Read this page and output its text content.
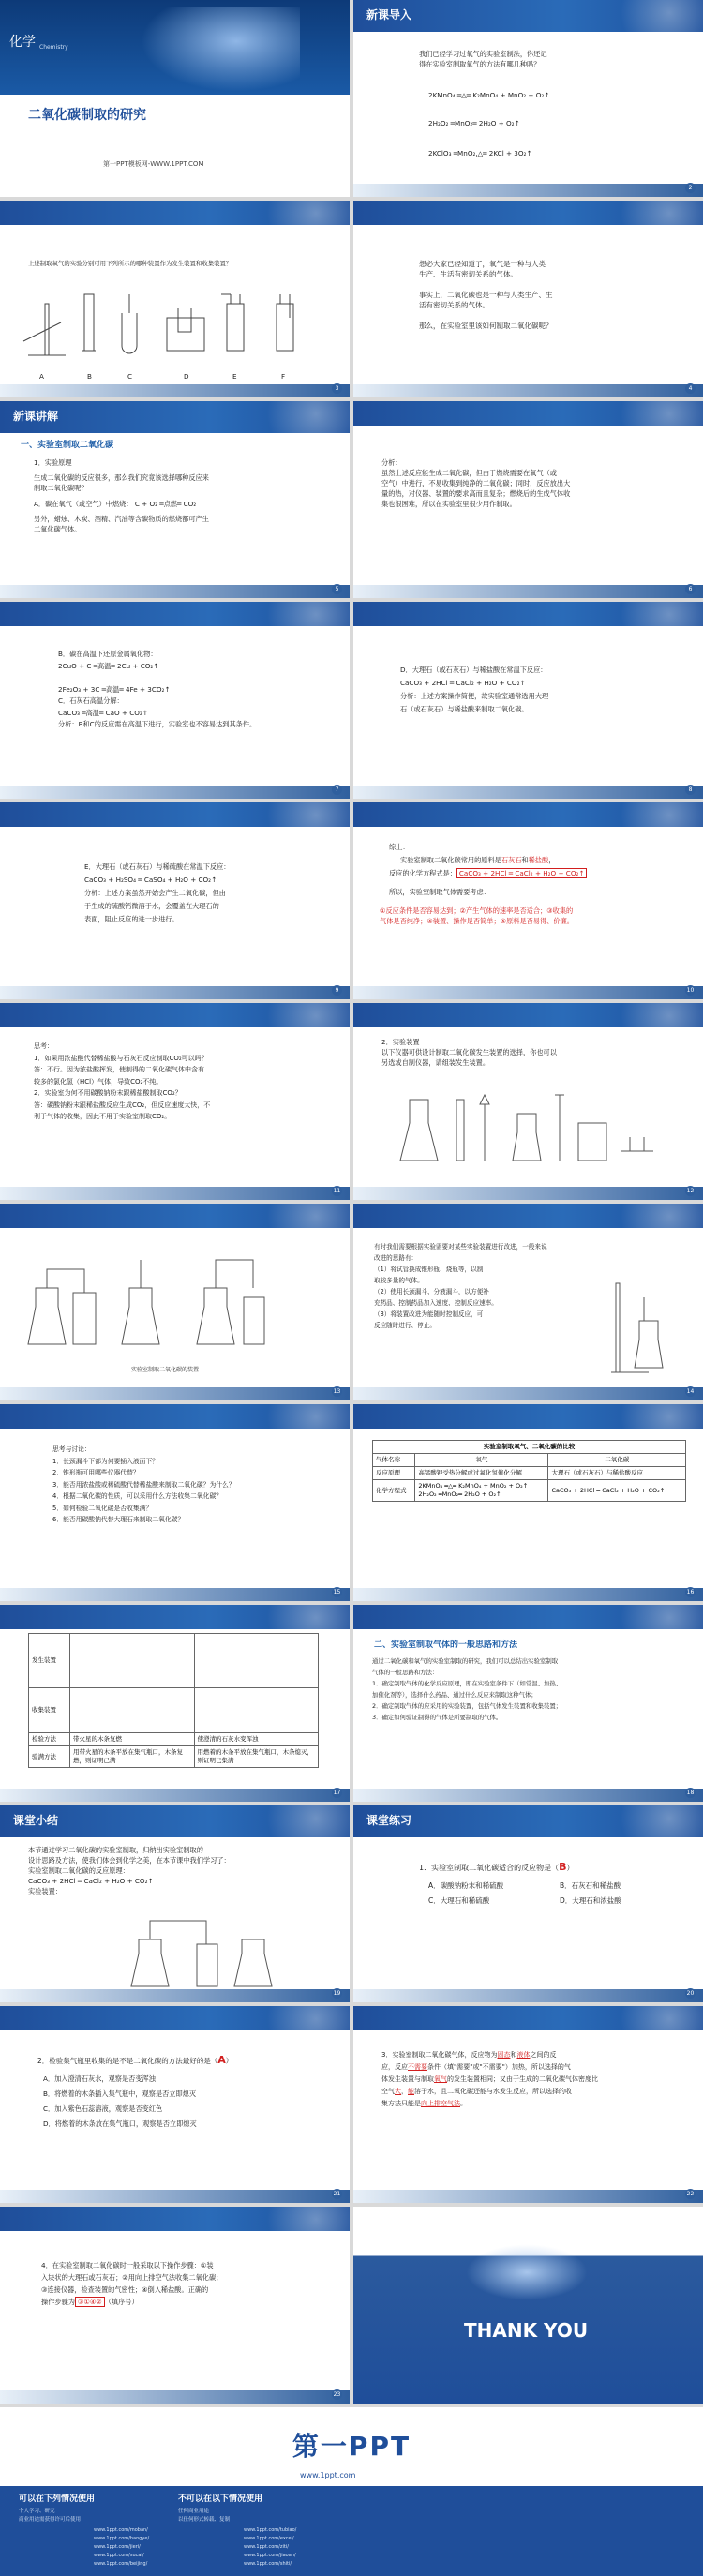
化学 Chemistry
二氧化碳制取的研究
第一PPT模板网-WWW.1PPT.COM
新课导入
我们已经学习过氧气的实验室制法，你还记
得在实验室制取氧气的方法有哪几种吗？
2KMnO₄ ═△═ K₂MnO₄ + MnO₂ + O₂↑
2H₂O₂ ═MnO₂═ 2H₂O + O₂↑
2KClO₃ ═MnO₂,△═ 2KCl + 3O₂↑
2
上述制取氧气的实验分别可用下列所示的哪种装置作为发生装置和收集装置？
A	B	C	D	E	F
3
想必大家已经知道了，氧气是一种与人类
生产、生活有密切关系的气体。

事实上，二氧化碳也是一种与人类生产、生
活有密切关系的气体。

那么，在实验室里该如何制取二氧化碳呢？
4
新课讲解
一、实验室制取二氧化碳
1．实验原理
生成二氧化碳的反应很多，那么我们究竟该选择哪种反应来
制取二氧化碳呢？
A．碳在氧气（或空气）中燃烧： C + O₂ ═点燃═ CO₂
另外，蜡烛、木炭、酒精、汽油等含碳物质的燃烧都可产生
二氧化碳气体。
5
分析：
虽然上述反应能生成二氧化碳，但由于燃烧需要在氧气（或
空气）中进行，不易收集到纯净的二氧化碳；同时，反应放出大
量的热，对仪器、装置的要求高而且复杂；燃烧后的生成气体收
集也很困难，所以在实验室里很少用作制取。
6
B．碳在高温下还原金属氧化物：
2CuO + C ═高温═ 2Cu + CO₂↑

2Fe₂O₃ + 3C ═高温═ 4Fe + 3CO₂↑
C．石灰石高温分解：
CaCO₃ ═高温═ CaO + CO₂↑
分析：B和C的反应需在高温下进行，实验室也不容易达到其条件。
7
D．大理石（或石灰石）与稀盐酸在常温下反应：
CaCO₃ + 2HCl ═ CaCl₂ + H₂O + CO₂↑
分析：上述方案操作简便，故实验室通常选用大理
石（或石灰石）与稀盐酸来制取二氧化碳。
8
E．大理石（或石灰石）与稀硫酸在常温下反应：
CaCO₃ + H₂SO₄ ═ CaSO₄ + H₂O + CO₂↑
分析：上述方案虽然开始会产生二氧化碳，但由
于生成的硫酸钙微溶于水，会覆盖在大理石的
表面，阻止反应的进一步进行。
9
综上：
实验室制取二氧化碳常用的原料是石灰石和稀盐酸，
反应的化学方程式是： CaCO₃ + 2HCl ═ CaCl₂ + H₂O + CO₂↑
所以，实验室制取气体需要考虑：
①反应条件是否容易达到；②产生气体的速率是否适合；③收集的
气体是否纯净；④装置、操作是否简单；⑤原料是否易得、价廉。
10
思考：
1．如果用浓盐酸代替稀盐酸与石灰石反应制取CO₂可以吗？
答：不行。因为浓盐酸挥发，使制得的二氧化碳气体中含有
较多的氯化氢（HCl）气体，导致CO₂不纯。
2．实验室为何不用碳酸钠粉末跟稀盐酸制取CO₂？
答：碳酸钠粉末跟稀盐酸反应生成CO₂，但反应速度太快，不
利于气体的收集，因此不用于实验室制取CO₂。
11
2．实验装置
以下仪器可供设计制取二氧化碳发生装置的选择，你也可以
另选或自制仪器，请组装发生装置。
12
实验室制取二氧化碳的装置
13
有时我们需要根据实验需要对某些实验装置进行改进，一般来说
改进的思路有：
（1）将试管换成锥形瓶、烧瓶等，以制
取较多量的气体。
（2）使用长颈漏斗、分液漏斗，以方便补
充药品、控制药品加入速度、控制反应速率。
（3）将装置改进为能随时控制反应，可
反应随时进行、停止。
14
思考与讨论：
1．长颈漏斗下部为何要插入液面下？
2．锥形瓶可用哪些仪器代替？
3．能否用浓盐酸或稀硫酸代替稀盐酸来制取二氧化碳？为什么？
4．根据二氧化碳的性质，可以采用什么方法收集二氧化碳？
5．如何检验二氧化碳是否收集满？
6．能否用碳酸钠代替大理石来制取二氧化碳？
15
实验室制取氧气、二氧化碳的比较		
气体名称	氧气	二氧化碳
反应原理	高锰酸钾受热分解或过氧化氢催化分解	大理石（或石灰石）与稀盐酸反应
化学方程式	2KMnO₄ ═△═ K₂MnO₄ + MnO₂ + O₂↑
2H₂O₂ ═MnO₂═ 2H₂O + O₂↑	CaCO₃ + 2HCl ═ CaCl₂ + H₂O + CO₂↑
16
发生装置		
收集装置		
检验方法	带火星的木条复燃	使澄清的石灰水变浑浊
验满方法	用带火星的木条平放在集气瓶口，木条复燃，则证明已满	用燃着的木条平放在集气瓶口，木条熄灭，则证明已集满
17
二、实验室制取气体的一般思路和方法
通过二氧化碳和氧气的实验室制取的研究，我们可以总结出实验室制取
气体的一般思路和方法：
1．确定制取气体的化学反应原理，即在实验室条件下（如常温、加热、
加催化剂等），选择什么药品、通过什么反应来制取这种气体；
2．确定制取气体的应采用的实验装置，包括气体发生装置和收集装置；
3．确定如何验证制得的气体是所要制取的气体。
18
课堂小结
本节通过学习二氧化碳的实验室制取，归纳出实验室制取的
设计思路及方法，使我们体会到化学之美，在本节课中我们学习了：
实验室制取二氧化碳的反应原理：
CaCO₃ + 2HCl ═ CaCl₂ + H₂O + CO₂↑
实验装置：
19
课堂练习
1．实验室制取二氧化碳适合的反应物是（B）
A．碳酸钠粉末和稀硫酸	B．石灰石和稀盐酸
C．大理石和稀硫酸	D．大理石和浓盐酸
20
2．检验集气瓶里收集的是不是二氧化碳的方法最好的是（A）
A．加入澄清石灰水，观察是否变浑浊
B．将燃着的木条插入集气瓶中，观察是否立即熄灭
C．加入紫色石蕊溶液，观察是否变红色
D．将燃着的木条放在集气瓶口，观察是否立即熄灭
21
3．实验室制取二氧化碳气体，反应物为固态和液体之间的反
应，反应不需要条件（填"需要"或"不需要"）加热，所以选择的气
体发生装置与制取氧气的发生装置相同；又由于生成的二氧化碳气体密度比
空气大，能溶于水，且二氧化碳还能与水发生反应，所以选择的收
集方法只能是向上排空气法。
22
4．在实验室制取二氧化碳时一般采取以下操作步骤：①装
入块状的大理石或石灰石；②用向上排空气法收集二氧化碳；
③连接仪器，检查装置的气密性；④倒入稀盐酸。正确的
操作步骤为 ③①④② （填序号）
23
THANK YOU
第一PPT
www.1ppt.com
可以在下列情况使用	不可以在以下情况使用
个人学习、研究
商业用途需获得许可后使用
任何商业用途
以任何形式转载、复制
www.1ppt.com/moban/
www.1ppt.com/hangye/
www.1ppt.com/jieri/
www.1ppt.com/sucai/
www.1ppt.com/beijing/
www.1ppt.com/tubiao/
www.1ppt.com/excel/
www.1ppt.com/ziti/
www.1ppt.com/jiaoan/
www.1ppt.com/shiti/
